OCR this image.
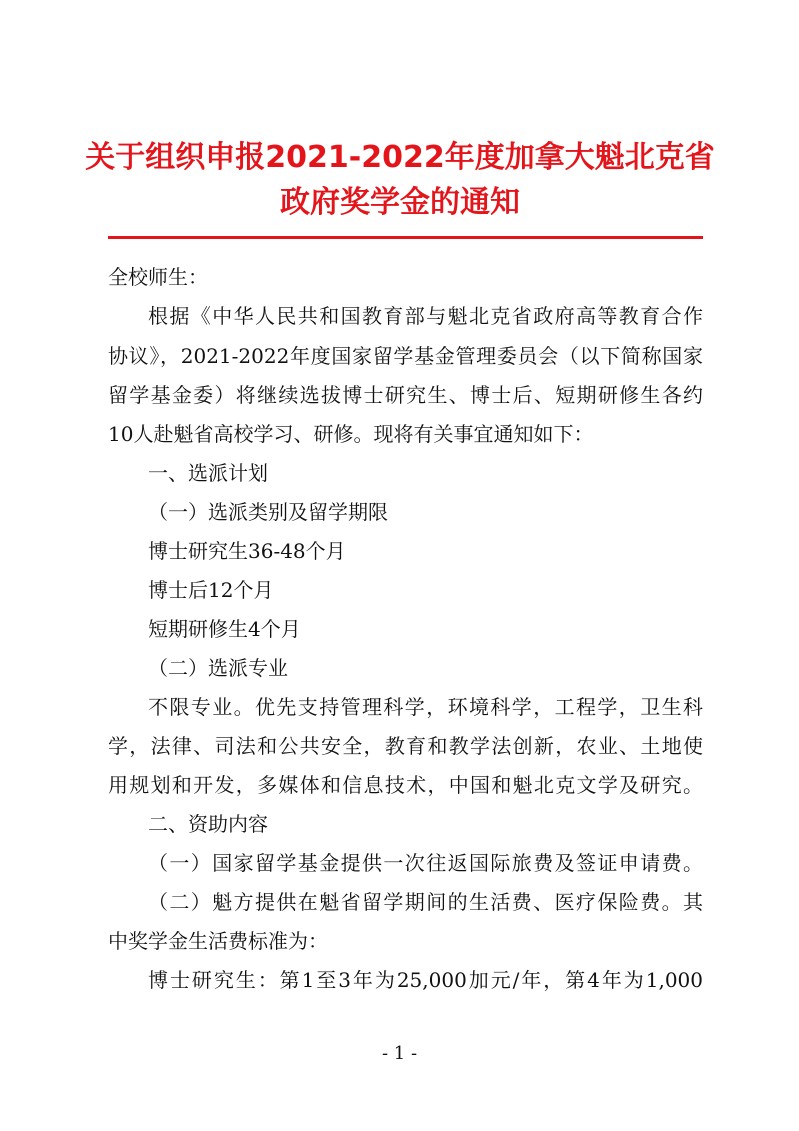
关于组织申报2021-2022年度加拿大魁北克省
政府奖学金的通知

全校师生：

根据《中华人民共和国教育部与魁北克省政府高等教育合作

协议》，2021-2022年度国家留学基金管理委员会（以下简称国家

留学基金委）将继续选拔博士研究生、博士后、短期研修生各约

10人赴魁省高校学习、研修。现将有关事宜通知如下：

一、选派计划

（一）选派类别及留学期限

博士研究生36-48个月

博士后12个月

短期研修生4个月

（二）选派专业

不限专业。优先支持管理科学，环境科学，工程学，卫生科

学，法律、司法和公共安全，教育和教学法创新，农业、土地使

用规划和开发，多媒体和信息技术，中国和魁北克文学及研究。

二、资助内容

（一）国家留学基金提供一次往返国际旅费及签证申请费。

（二）魁方提供在魁省留学期间的生活费、医疗保险费。其

中奖学金生活费标准为：

博士研究生：第1至3年为25,000加元/年，第4年为1,000

- 1 -
